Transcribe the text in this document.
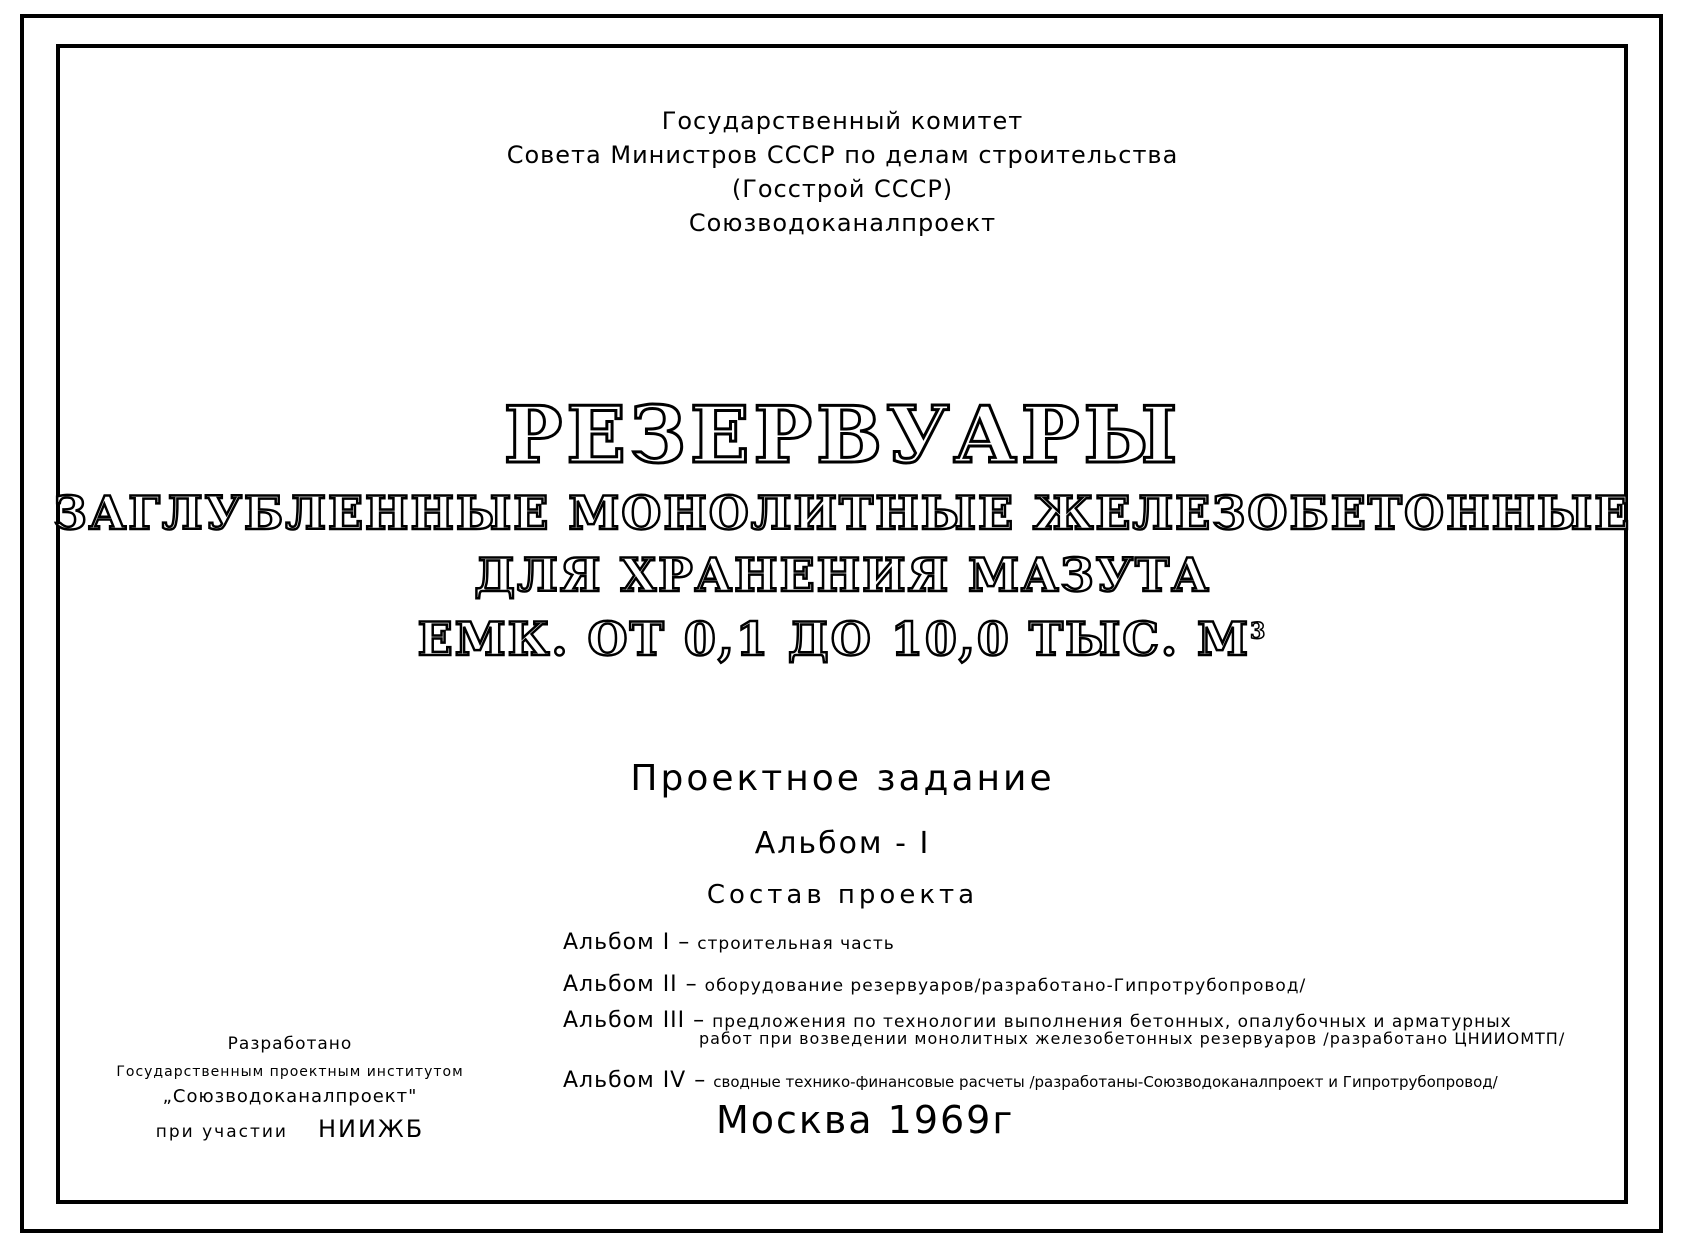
Государственный комитет
Совета Министров СССР по делам строительства
(Госстрой СССР)
Союзводоканалпроект
РЕЗЕРВУАРЫ
ЗАГЛУБЛЕННЫЕ МОНОЛИТНЫЕ ЖЕЛЕЗОБЕТОННЫЕ
ДЛЯ ХРАНЕНИЯ МАЗУТА
ЕМК. ОТ 0,1 ДО 10,0 ТЫС. $М^3$
Проектное задание
Альбом - I
Состав проекта
Альбом I – строительная часть
Альбом II – оборудование резервуаров/разработано-Гипротрубопровод/
Альбом III – предложения по технологии выполнения бетонных, опалубочных и арматурных
работ при возведении монолитных железобетонных резервуаров /разработано ЦНИИОМТП/
Альбом IV – сводные технико-финансовые расчеты /разработаны-Союзводоканалпроект и Гипротрубопровод/
Разработано
Государственным проектным институтом
„Союзводоканалпроект"
при участии НИИЖБ	Москва 1969г
